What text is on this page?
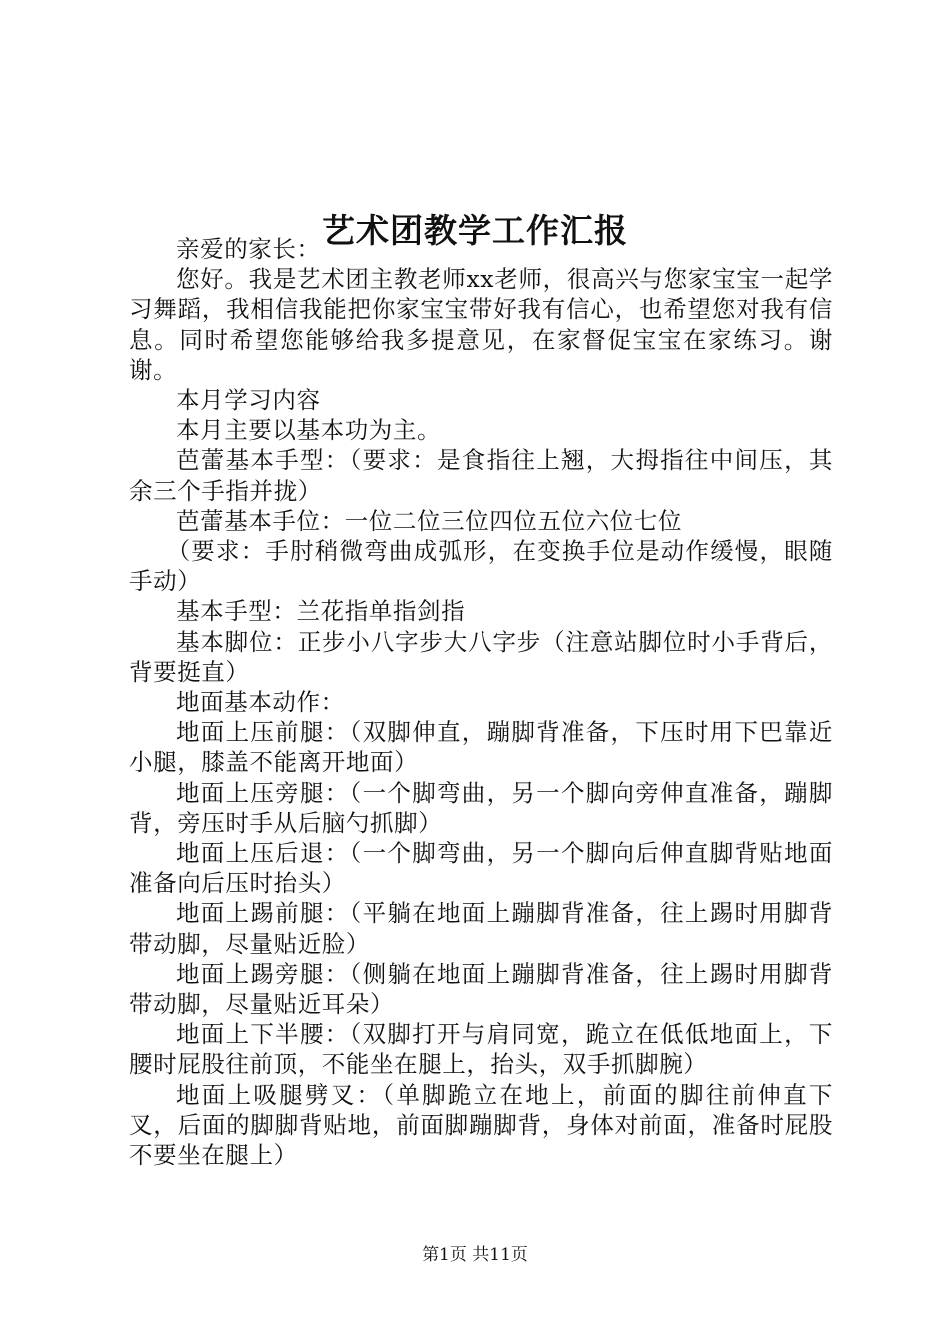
艺术团教学工作汇报

亲爱的家长：

您好。我是艺术团主教老师xx老师，很高兴与您家宝宝一起学习舞蹈，我相信我能把你家宝宝带好我有信心，也希望您对我有信息。同时希望您能够给我多提意见，在家督促宝宝在家练习。谢谢。

本月学习内容

本月主要以基本功为主。

芭蕾基本手型：（要求：是食指往上翘，大拇指往中间压，其余三个手指并拢）

芭蕾基本手位：一位二位三位四位五位六位七位

（要求：手肘稍微弯曲成弧形，在变换手位是动作缓慢，眼随手动）

基本手型：兰花指单指剑指

基本脚位：正步小八字步大八字步（注意站脚位时小手背后，背要挺直）

地面基本动作：

地面上压前腿：（双脚伸直，蹦脚背准备，下压时用下巴靠近小腿，膝盖不能离开地面）

地面上压旁腿：（一个脚弯曲，另一个脚向旁伸直准备，蹦脚背，旁压时手从后脑勺抓脚）

地面上压后退：（一个脚弯曲，另一个脚向后伸直脚背贴地面准备向后压时抬头）

地面上踢前腿：（平躺在地面上蹦脚背准备，往上踢时用脚背带动脚，尽量贴近脸）

地面上踢旁腿：（侧躺在地面上蹦脚背准备，往上踢时用脚背带动脚，尽量贴近耳朵）

地面上下半腰：（双脚打开与肩同宽，跪立在低低地面上，下腰时屁股往前顶，不能坐在腿上，抬头，双手抓脚腕）

地面上吸腿劈叉：（单脚跪立在地上，前面的脚往前伸直下叉，后面的脚脚背贴地，前面脚蹦脚背，身体对前面，准备时屁股不要坐在腿上）

第1页 共11页
